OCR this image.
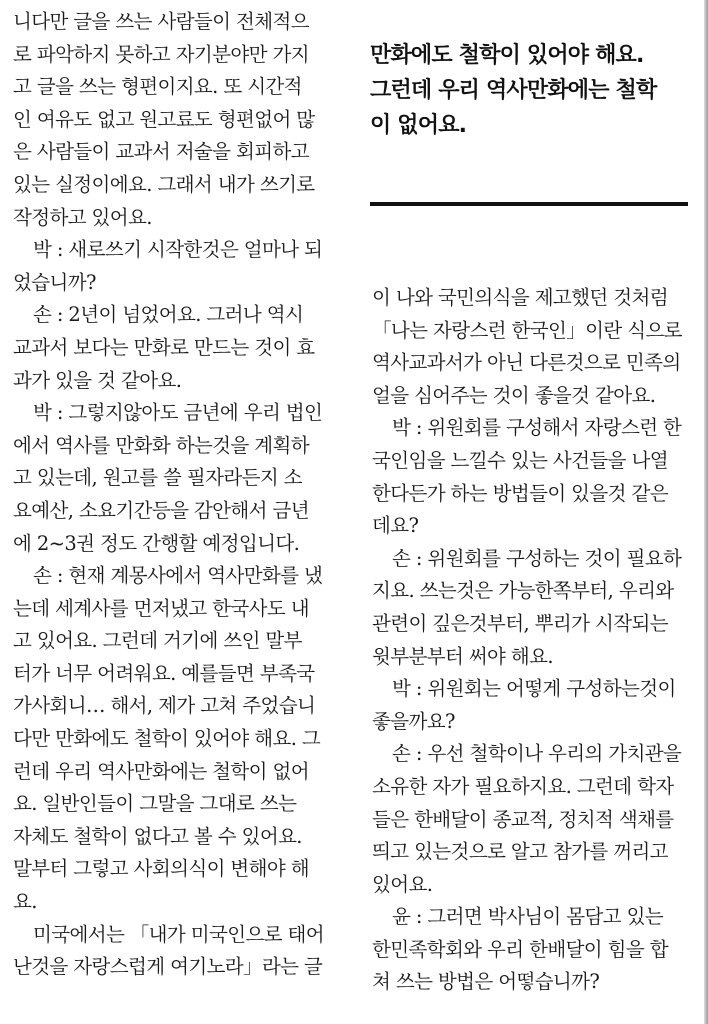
니다만 글을 쓰는 사람들이 전체적으
로 파악하지 못하고 자기분야만 가지
고 글을 쓰는 형편이지요. 또 시간적
인 여유도 없고 원고료도 형편없어 많
은 사람들이 교과서 저술을 회피하고
있는 실정이에요. 그래서 내가 쓰기로
작정하고 있어요.
박 : 새로쓰기 시작한것은 얼마나 되
었습니까?
손 : 2년이 넘었어요. 그러나 역시
교과서 보다는 만화로 만드는 것이 효
과가 있을 것 같아요.
박 : 그렇지않아도 금년에 우리 법인
에서 역사를 만화화 하는것을 계획하
고 있는데, 원고를 쓸 필자라든지 소
요예산, 소요기간등을 감안해서 금년
에 2~3권 정도 간행할 예정입니다.
손 : 현재 계몽사에서 역사만화를 냈
는데 세계사를 먼저냈고 한국사도 내
고 있어요. 그런데 거기에 쓰인 말부
터가 너무 어려워요. 예를들면 부족국
가사회니… 해서, 제가 고쳐 주었습니
다만 만화에도 철학이 있어야 해요. 그
런데 우리 역사만화에는 철학이 없어
요. 일반인들이 그말을 그대로 쓰는
자체도 철학이 없다고 볼 수 있어요.
말부터 그렇고 사회의식이 변해야 해
요.
미국에서는 「내가 미국인으로 태어
난것을 자랑스럽게 여기노라」라는 글
만화에도 철학이 있어야 해요.
그런데 우리 역사만화에는 철학
이 없어요.
이 나와 국민의식을 제고했던 것처럼
「나는 자랑스런 한국인」이란 식으로
역사교과서가 아닌 다른것으로 민족의
얼을 심어주는 것이 좋을것 같아요.
박 : 위원회를 구성해서 자랑스런 한
국인임을 느낄수 있는 사건들을 나열
한다든가 하는 방법들이 있을것 같은
데요?
손 : 위원회를 구성하는 것이 필요하
지요. 쓰는것은 가능한쪽부터, 우리와
관련이 깊은것부터, 뿌리가 시작되는
윗부분부터 써야 해요.
박 : 위원회는 어떻게 구성하는것이
좋을까요?
손 : 우선 철학이나 우리의 가치관을
소유한 자가 필요하지요. 그런데 학자
들은 한배달이 종교적, 정치적 색채를
띄고 있는것으로 알고 참가를 꺼리고
있어요.
윤 : 그러면 박사님이 몸담고 있는
한민족학회와 우리 한배달이 힘을 합
쳐 쓰는 방법은 어떻습니까?
